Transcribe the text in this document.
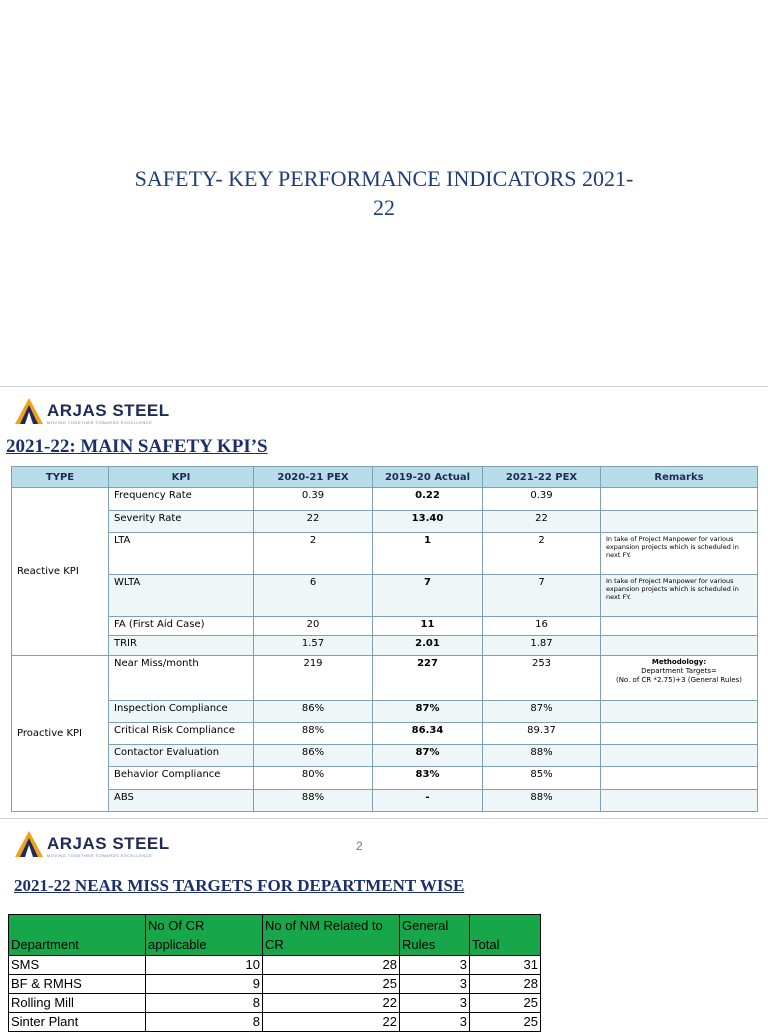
SAFETY- KEY PERFORMANCE INDICATORS 2021-
22
ARJAS STEEL
MOVING TOGETHER TOWARDS EXCELLENCE
2021-22: MAIN SAFETY KPI’S
TYPE	KPI	2020-21 PEX	2019-20 Actual	2021-22 PEX	Remarks
Reactive KPI	Frequency Rate	0.39	0.22	0.39	
	Severity Rate	22	13.40	22	
	LTA	2	1	2	In take of Project Manpower for various expansion projects which is scheduled in next FY.
	WLTA	6	7	7	In take of Project Manpower for various expansion projects which is scheduled in next FY.
	FA (First Aid Case)	20	11	16	
	TRIR	1.57	2.01	1.87	
Proactive KPI	Near Miss/month	219	227	253	Methodology:
Department Targets=
(No. of CR *2.75)+3 (General Rules)
	Inspection Compliance	86%	87%	87%	
	Critical Risk Compliance	88%	86.34	89.37	
	Contactor Evaluation	86%	87%	88%	
	Behavior Compliance	80%	83%	85%	
	ABS	88%	-	88%	
ARJAS STEEL
MOVING TOGETHER TOWARDS EXCELLENCE
2
2021-22 NEAR MISS TARGETS FOR DEPARTMENT WISE
Department	No Of CR applicable	No of NM Related to CR	General Rules	Total
SMS	10	28	3	31
BF & RMHS	9	25	3	28
Rolling Mill	8	22	3	25
Sinter Plant	8	22	3	25
